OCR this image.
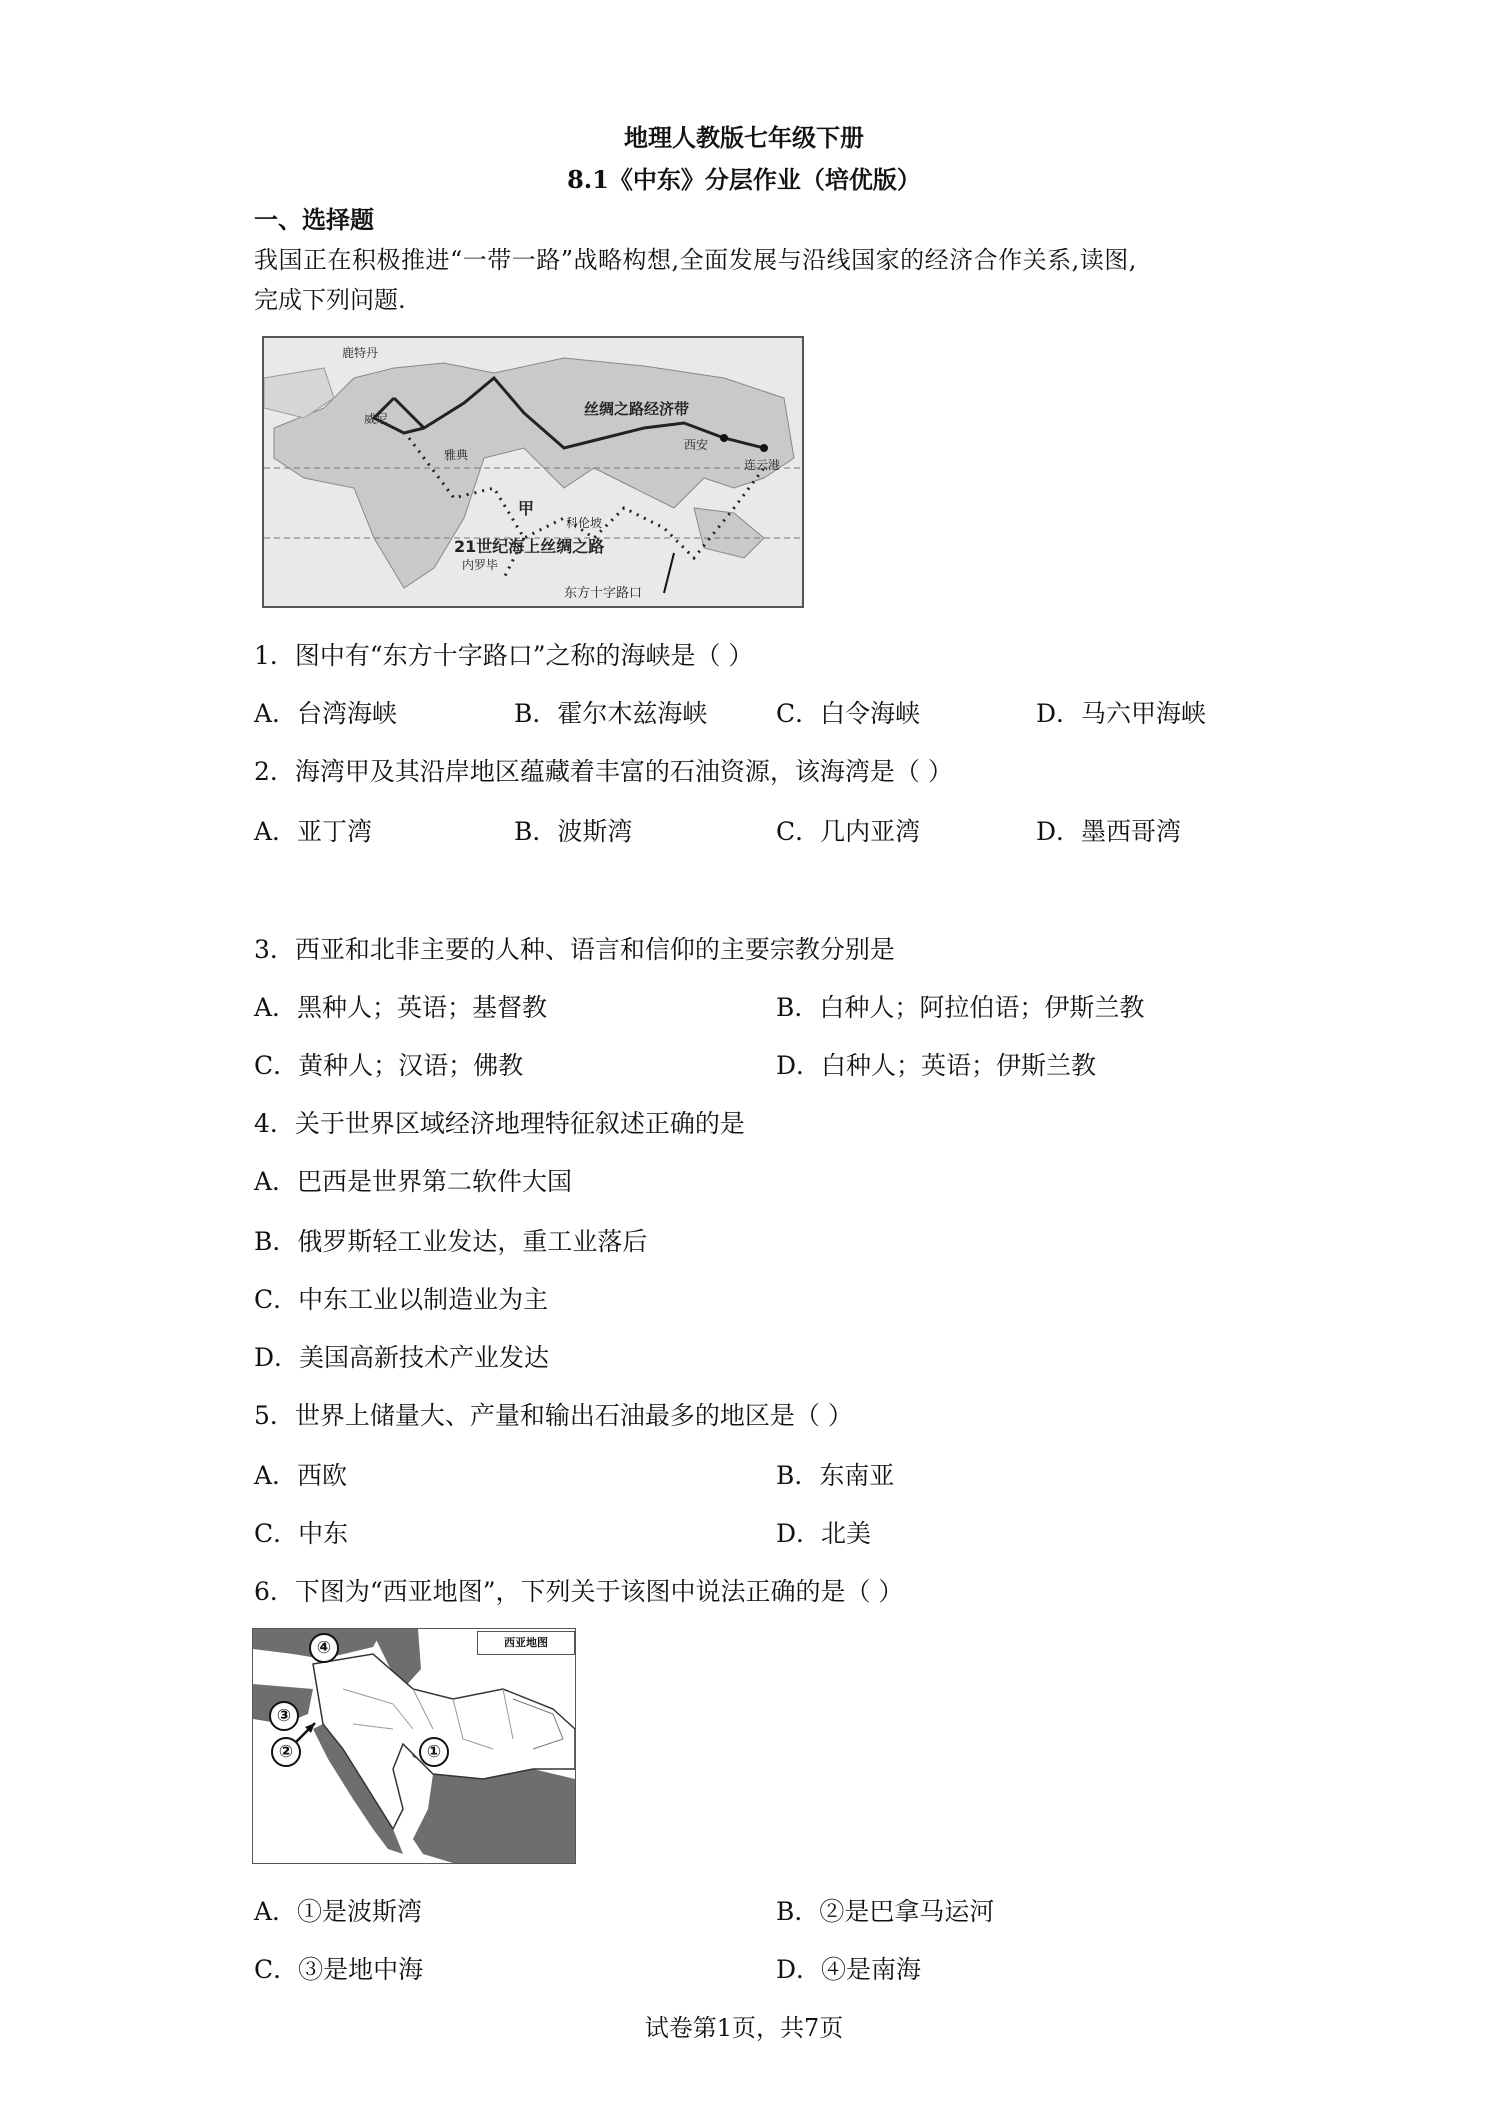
地理人教版七年级下册
8.1《中东》分层作业（培优版）
一、选择题
我国正在积极推进“一带一路”战略构想,全面发展与沿线国家的经济合作关系,读图,
完成下列问题.
鹿特丹
威尼
丝绸之路经济带
西安
连云港
雅典
甲
科伦坡
21世纪海上丝绸之路
内罗毕
东方十字路口
1．图中有“东方十字路口”之称的海峡是（ ）
A．台湾海峡	B．霍尔木兹海峡	C．白令海峡	D．马六甲海峡
2．海湾甲及其沿岸地区蕴藏着丰富的石油资源，该海湾是（ ）
A．亚丁湾	B．波斯湾	C．几内亚湾	D．墨西哥湾
3．西亚和北非主要的人种、语言和信仰的主要宗教分别是
A．黑种人；英语；基督教	B．白种人；阿拉伯语；伊斯兰教
C．黄种人；汉语；佛教	D．白种人；英语；伊斯兰教
4．关于世界区域经济地理特征叙述正确的是
A．巴西是世界第二软件大国
B．俄罗斯轻工业发达，重工业落后
C．中东工业以制造业为主
D．美国高新技术产业发达
5．世界上储量大、产量和输出石油最多的地区是（ ）
A．西欧	B．东南亚
C．中东	D．北美
6．下图为“西亚地图”，下列关于该图中说法正确的是（ ）
西亚地图
①
②
③
④
A．①是波斯湾	B．②是巴拿马运河
C．③是地中海	D．④是南海
试卷第1页，共7页
